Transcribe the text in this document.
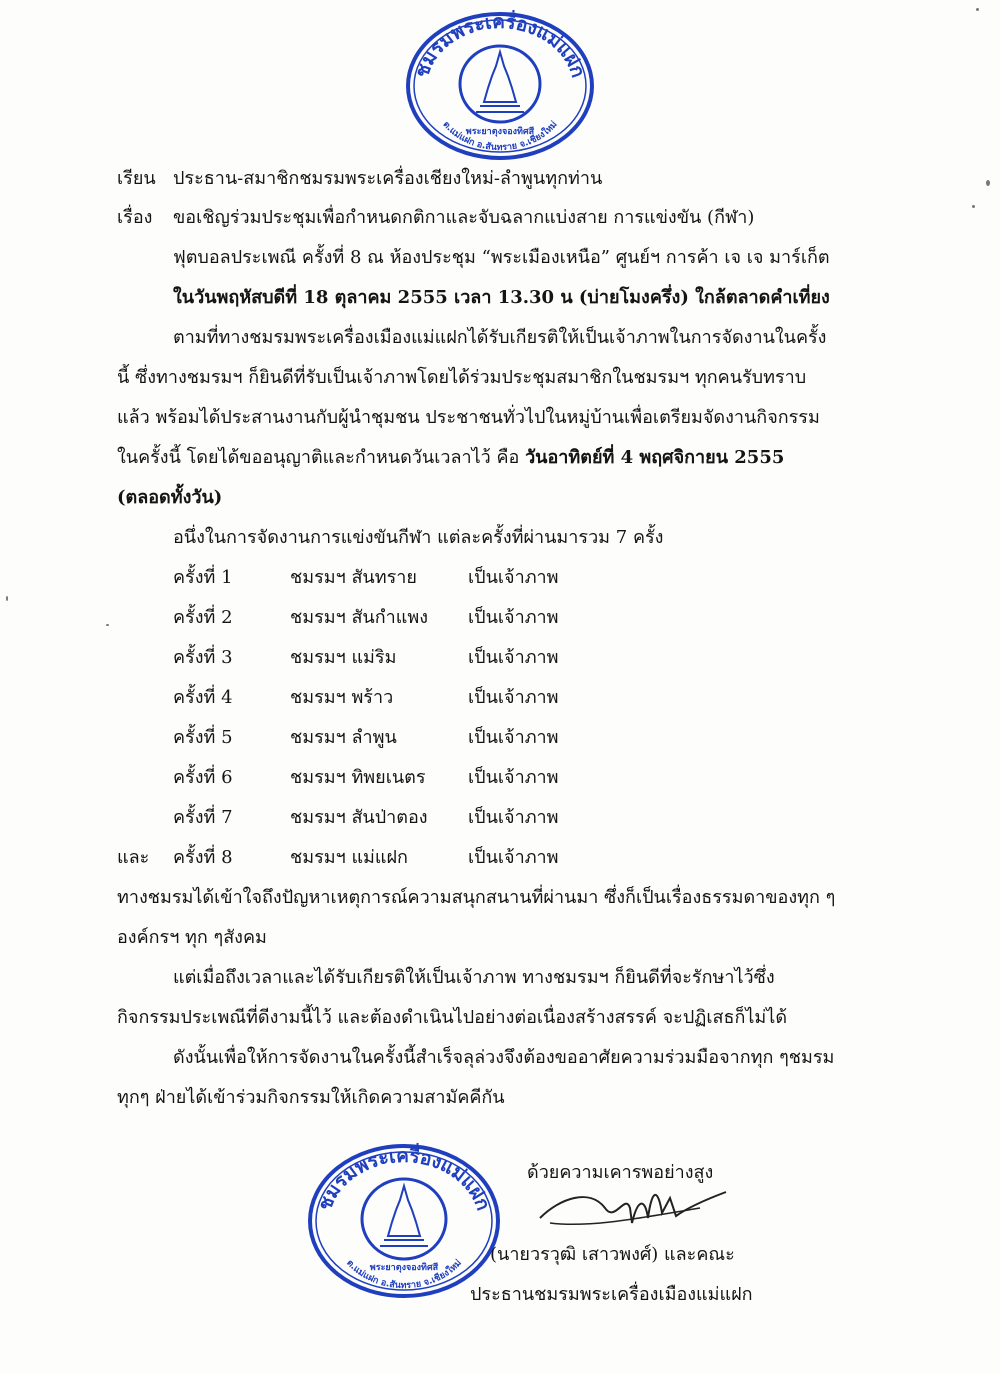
ชมรมพระเครื่องแม่แฝก
พระยาตุงจองทิศสี
ต.แม่แฝก อ.สันทราย จ.เชียงใหม่
เรียน ประธาน-สมาชิกชมรมพระเครื่องเชียงใหม่-ลำพูนทุกท่าน
เรื่อง ขอเชิญร่วมประชุมเพื่อกำหนดกติกาและจับฉลากแบ่งสาย การแข่งขัน (กีฬา)
ฟุตบอลประเพณี ครั้งที่ 8 ณ ห้องประชุม “พระเมืองเหนือ” ศูนย์ฯ การค้า เจ เจ มาร์เก็ต
ในวันพฤหัสบดีที่ 18 ตุลาคม 2555 เวลา 13.30 น (บ่ายโมงครึ่ง) ใกล้ตลาดคำเที่ยง
ตามที่ทางชมรมพระเครื่องเมืองแม่แฝกได้รับเกียรติให้เป็นเจ้าภาพในการจัดงานในครั้ง
นี้ ซึ่งทางชมรมฯ ก็ยินดีที่รับเป็นเจ้าภาพโดยได้ร่วมประชุมสมาชิกในชมรมฯ ทุกคนรับทราบ
แล้ว พร้อมได้ประสานงานกับผู้นำชุมชน ประชาชนทั่วไปในหมู่บ้านเพื่อเตรียมจัดงานกิจกรรม
ในครั้งนี้ โดยได้ขออนุญาติและกำหนดวันเวลาไว้ คือ วันอาทิตย์ที่ 4 พฤศจิกายน 2555
(ตลอดทั้งวัน)
อนึ่งในการจัดงานการแข่งขันกีฬา แต่ละครั้งที่ผ่านมารวม 7 ครั้ง
ครั้งที่ 1	ชมรมฯ สันทราย	เป็นเจ้าภาพ
ครั้งที่ 2	ชมรมฯ สันกำแพง เป็นเจ้าภาพ
ครั้งที่ 3	ชมรมฯ แม่ริม	เป็นเจ้าภาพ
ครั้งที่ 4	ชมรมฯ พร้าว	เป็นเจ้าภาพ
ครั้งที่ 5	ชมรมฯ ลำพูน	เป็นเจ้าภาพ
ครั้งที่ 6	ชมรมฯ ทิพยเนตร เป็นเจ้าภาพ
ครั้งที่ 7	ชมรมฯ สันป่าตอง เป็นเจ้าภาพ
และ ครั้งที่ 8	ชมรมฯ แม่แฝก	เป็นเจ้าภาพ
ทางชมรมได้เข้าใจถึงปัญหาเหตุการณ์ความสนุกสนานที่ผ่านมา ซึ่งก็เป็นเรื่องธรรมดาของทุก ๆ
องค์กรฯ ทุก ๆสังคม
แต่เมื่อถึงเวลาและได้รับเกียรติให้เป็นเจ้าภาพ ทางชมรมฯ ก็ยินดีที่จะรักษาไว้ซึ่ง
กิจกรรมประเพณีที่ดีงามนี้ไว้ และต้องดำเนินไปอย่างต่อเนื่องสร้างสรรค์ จะปฏิเสธก็ไม่ได้
ดังนั้นเพื่อให้การจัดงานในครั้งนี้สำเร็จลุล่วงจึงต้องขออาศัยความร่วมมือจากทุก ๆชมรม
ทุกๆ ฝ่ายได้เข้าร่วมกิจกรรมให้เกิดความสามัคคีกัน
ชมรมพระเครื่องแม่แฝก
พระยาตุงจองทิศสี
ต.แม่แฝก อ.สันทราย จ.เชียงใหม่
ด้วยความเคารพอย่างสูง
(นายวรวุฒิ เสาวพงศ์) และคณะ
ประธานชมรมพระเครื่องเมืองแม่แฝก
